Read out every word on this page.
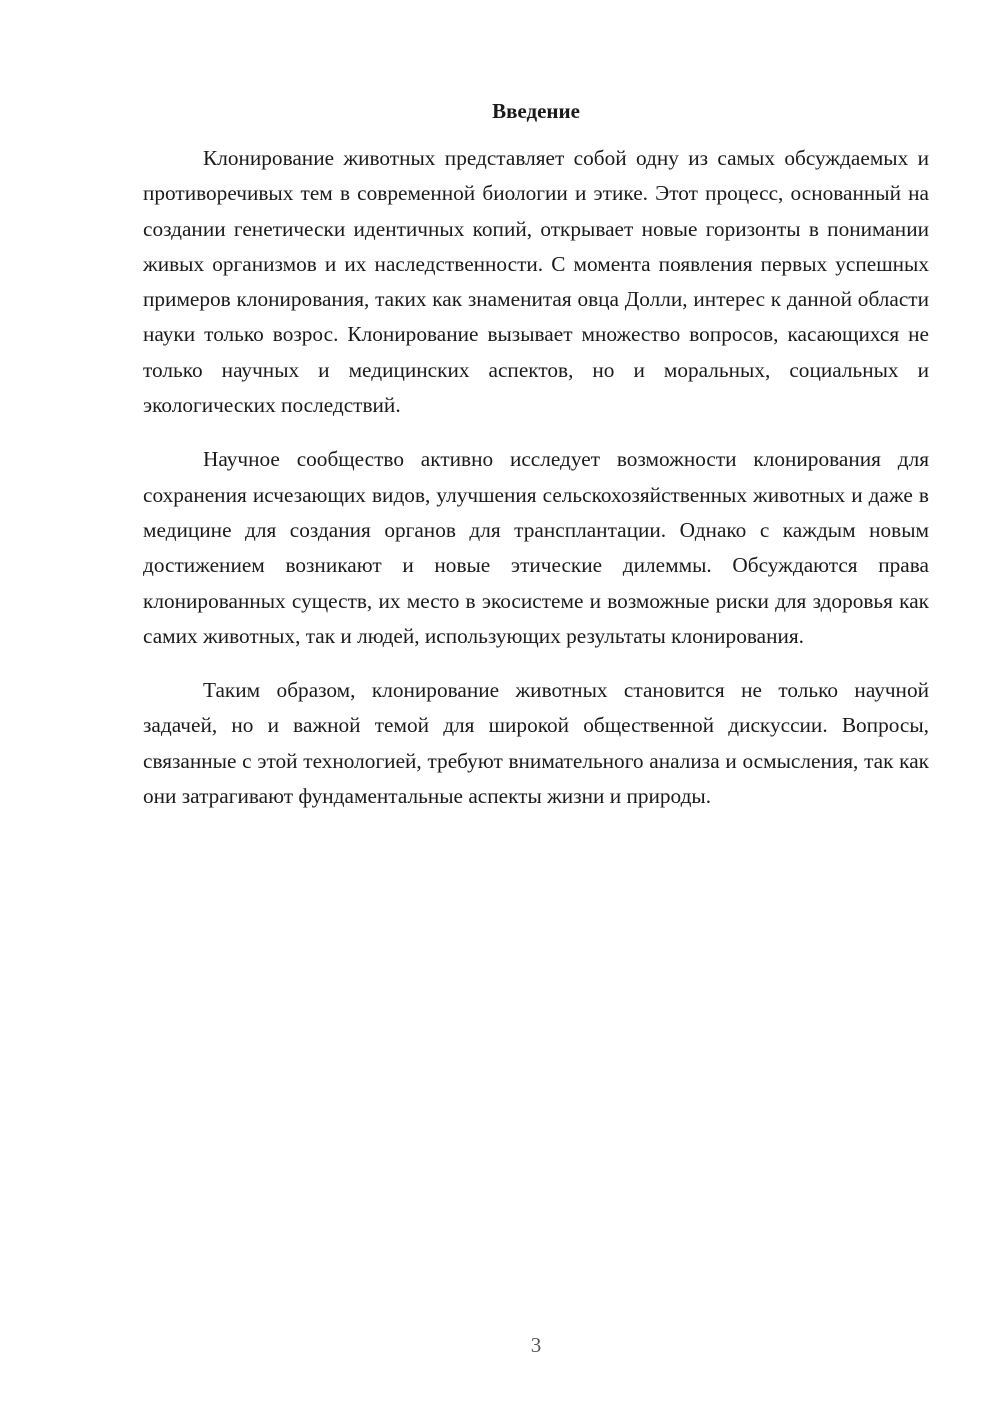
Введение

Клонирование животных представляет собой одну из самых обсуждаемых и противоречивых тем в современной биологии и этике. Этот процесс, основанный на создании генетически идентичных копий, открывает новые горизонты в понимании живых организмов и их наследственности. С момента появления первых успешных примеров клонирования, таких как знаменитая овца Долли, интерес к данной области науки только возрос. Клонирование вызывает множество вопросов, касающихся не только научных и медицинских аспектов, но и моральных, социальных и экологических последствий.

Научное сообщество активно исследует возможности клонирования для сохранения исчезающих видов, улучшения сельскохозяйственных животных и даже в медицине для создания органов для трансплантации. Однако с каждым новым достижением возникают и новые этические дилеммы. Обсуждаются права клонированных существ, их место в экосистеме и возможные риски для здоровья как самих животных, так и людей, использующих результаты клонирования.

Таким образом, клонирование животных становится не только научной задачей, но и важной темой для широкой общественной дискуссии. Вопросы, связанные с этой технологией, требуют внимательного анализа и осмысления, так как они затрагивают фундаментальные аспекты жизни и природы.

3
